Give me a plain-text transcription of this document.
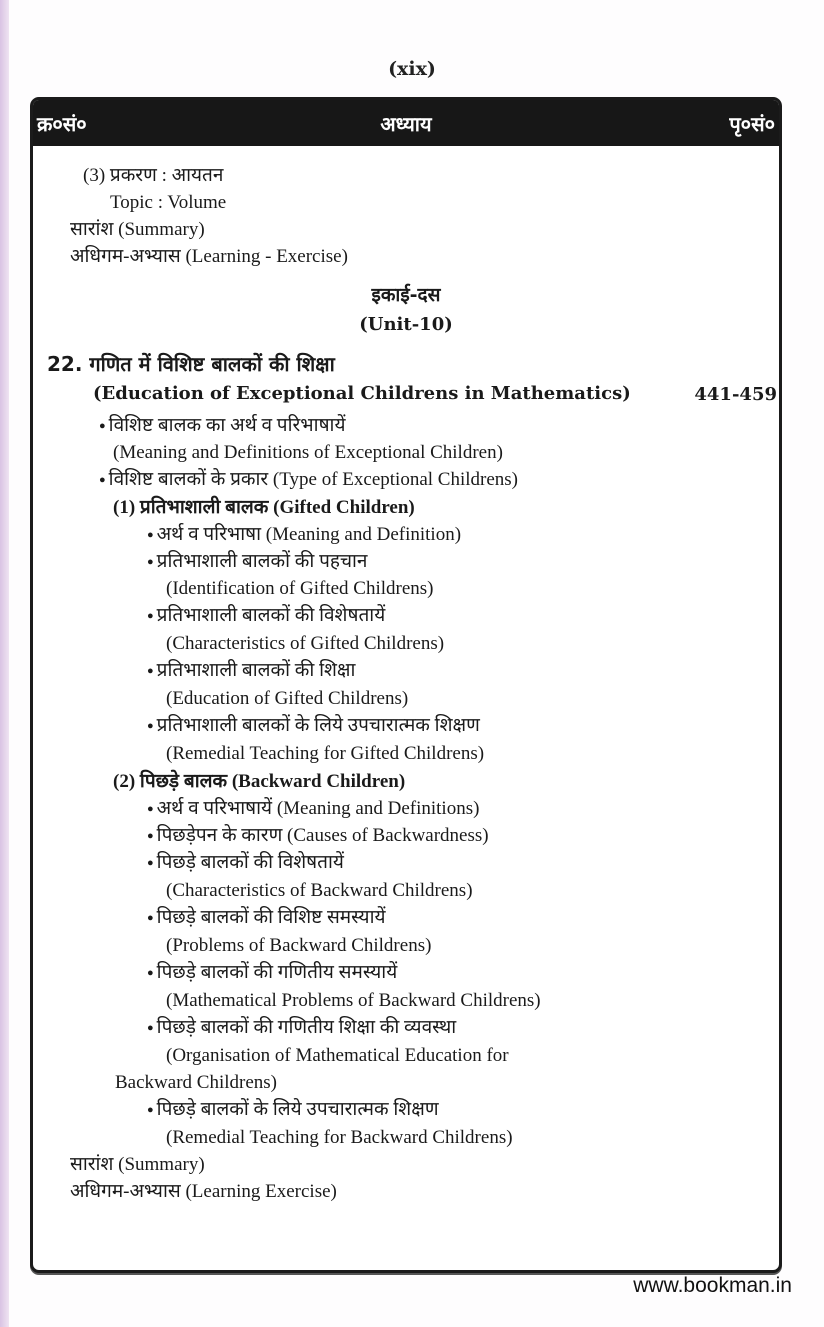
(xix)
क्र०सं०	अध्याय	पृ०सं०
(3) प्रकरण : आयतन
Topic : Volume
सारांश (Summary)
अधिगम-अभ्यास (Learning - Exercise)
इकाई-दस
(Unit-10)
22. गणित में विशिष्ट बालकों की शिक्षा
(Education of Exceptional Childrens in Mathematics)	441-459
● विशिष्ट बालक का अर्थ व परिभाषायें
(Meaning and Definitions of Exceptional Children)
● विशिष्ट बालकों के प्रकार (Type of Exceptional Childrens)
(1) प्रतिभाशाली बालक (Gifted Children)
● अर्थ व परिभाषा (Meaning and Definition)
● प्रतिभाशाली बालकों की पहचान
(Identification of Gifted Childrens)
● प्रतिभाशाली बालकों की विशेषतायें
(Characteristics of Gifted Childrens)
● प्रतिभाशाली बालकों की शिक्षा
(Education of Gifted Childrens)
● प्रतिभाशाली बालकों के लिये उपचारात्मक शिक्षण
(Remedial Teaching for Gifted Childrens)
(2) पिछड़े बालक (Backward Children)
● अर्थ व परिभाषायें (Meaning and Definitions)
● पिछड़ेपन के कारण (Causes of Backwardness)
● पिछड़े बालकों की विशेषतायें
(Characteristics of Backward Childrens)
● पिछड़े बालकों की विशिष्ट समस्यायें
(Problems of Backward Childrens)
● पिछड़े बालकों की गणितीय समस्यायें
(Mathematical Problems of Backward Childrens)
● पिछड़े बालकों की गणितीय शिक्षा की व्यवस्था
(Organisation of Mathematical Education for
Backward Childrens)
● पिछड़े बालकों के लिये उपचारात्मक शिक्षण
(Remedial Teaching for Backward Childrens)
सारांश (Summary)
अधिगम-अभ्यास (Learning Exercise)
www.bookman.in
